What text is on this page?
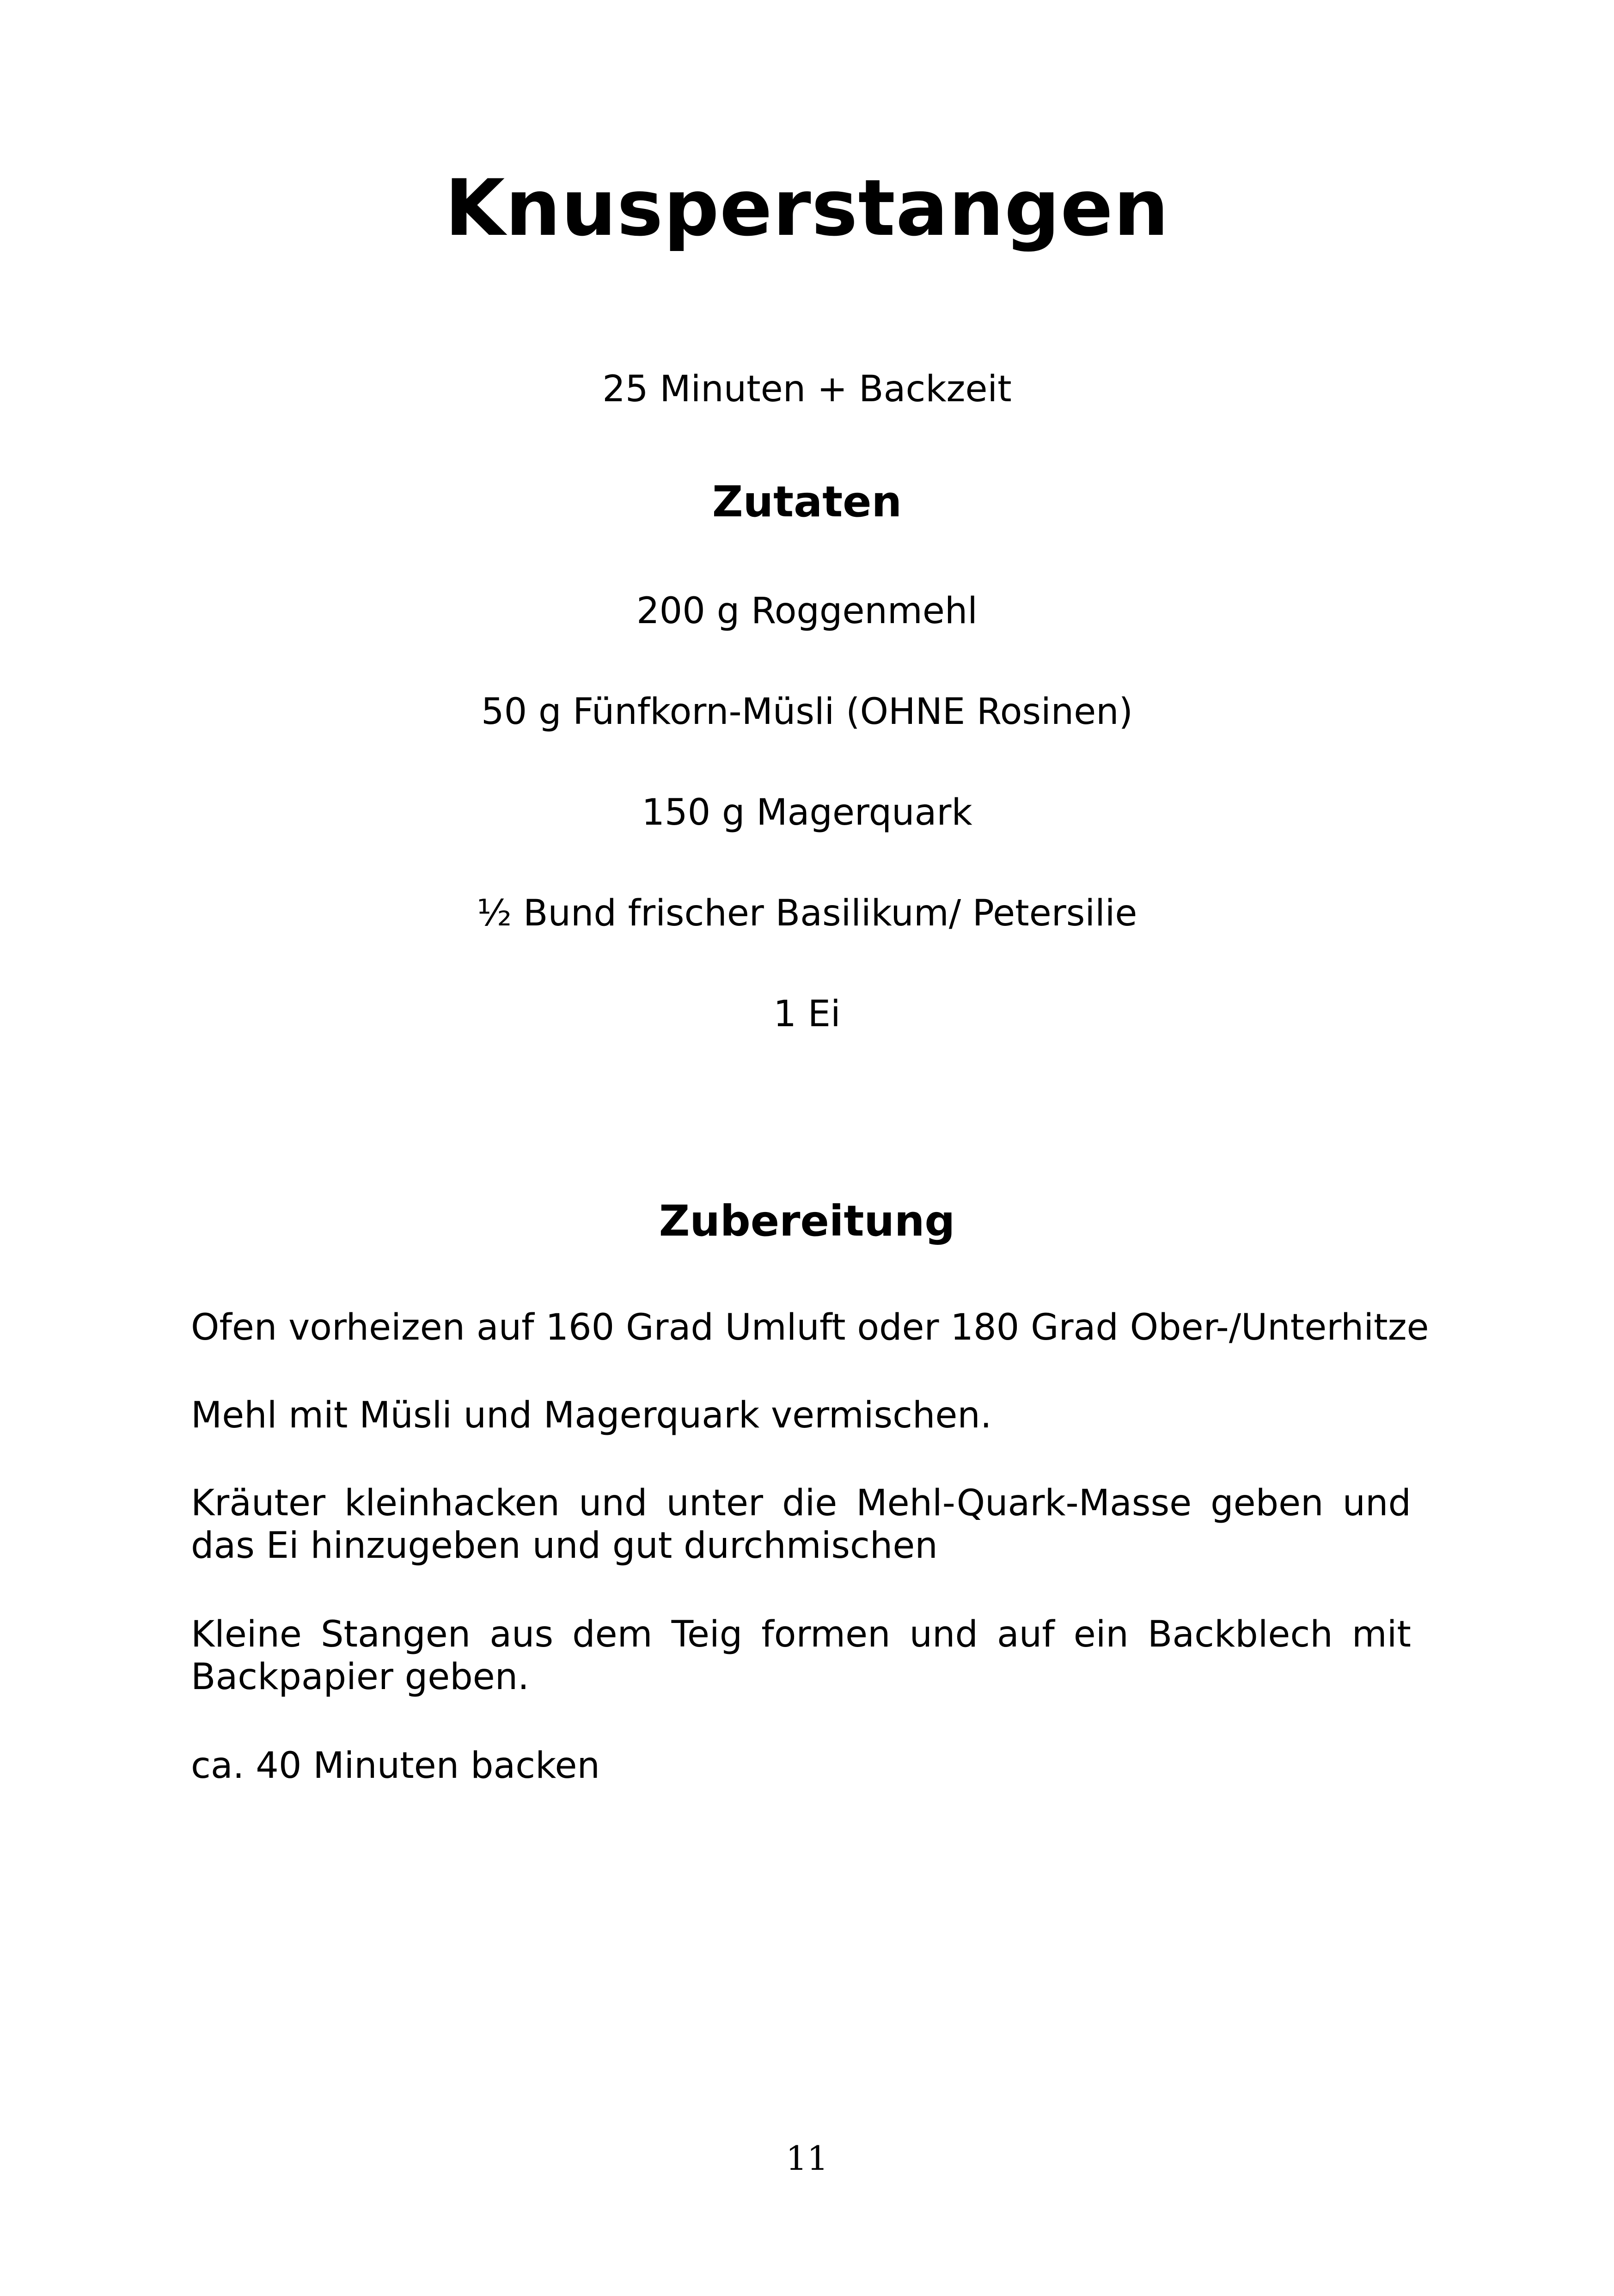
Knusperstangen
25 Minuten + Backzeit
Zutaten
200 g Roggenmehl
50 g Fünfkorn-Müsli (OHNE Rosinen)
150 g Magerquark
½ Bund frischer Basilikum/ Petersilie
1 Ei
Zubereitung
Ofen vorheizen auf 160 Grad Umluft oder 180 Grad Ober-/Unterhitze
Mehl mit Müsli und Magerquark vermischen.
Kräuter kleinhacken und unter die Mehl-Quark-Masse geben und das Ei hinzugeben und gut durchmischen
Kleine Stangen aus dem Teig formen und auf ein Backblech mit Backpapier geben.
ca. 40 Minuten backen
11
